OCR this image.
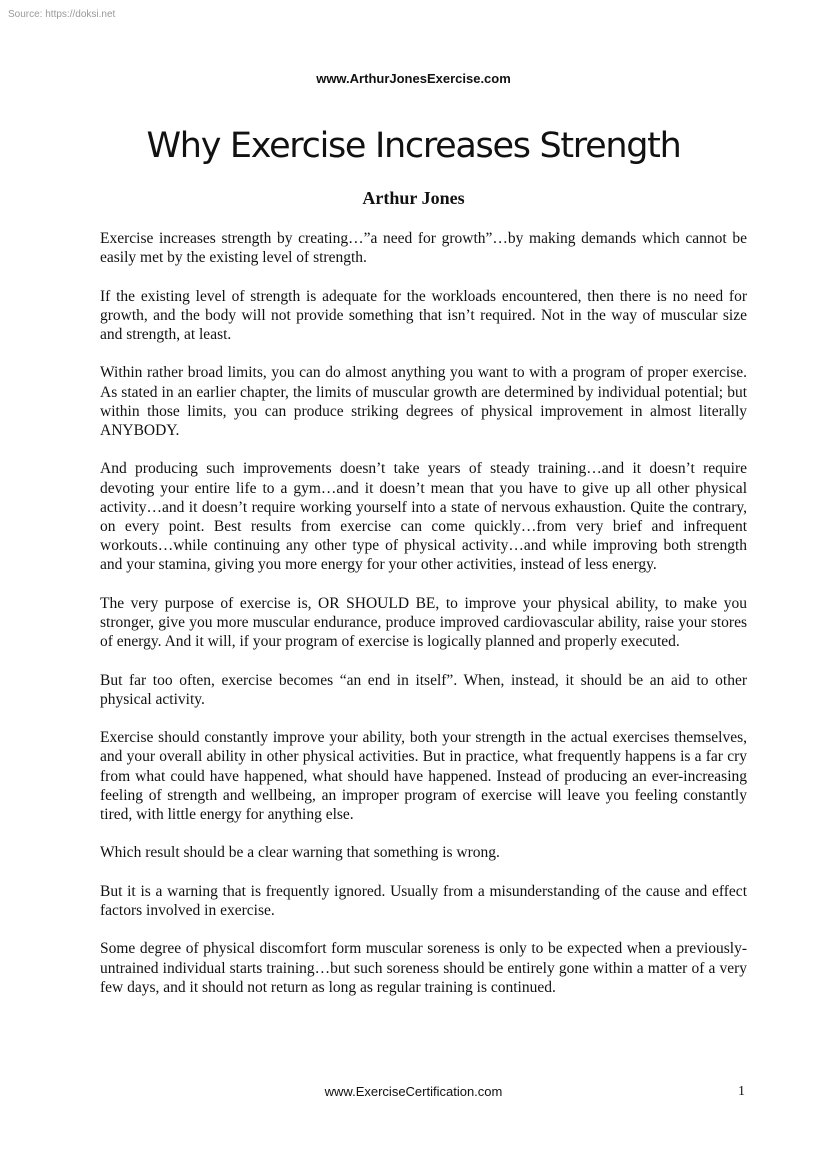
Source: https://doksi.net
www.ArthurJonesExercise.com
Why Exercise Increases Strength
Arthur Jones

Exercise increases strength by creating…”a need for growth”…by making demands which cannot be easily met by the existing level of strength.

If the existing level of strength is adequate for the workloads encountered, then there is no need for growth, and the body will not provide something that isn’t required. Not in the way of muscular size and strength, at least.

Within rather broad limits, you can do almost anything you want to with a program of proper exercise. As stated in an earlier chapter, the limits of muscular growth are determined by individual potential; but within those limits, you can produce striking degrees of physical improvement in almost literally ANYBODY.

And producing such improvements doesn’t take years of steady training…and it doesn’t require devoting your entire life to a gym…and it doesn’t mean that you have to give up all other physical activity…and it doesn’t require working yourself into a state of nervous exhaustion. Quite the contrary, on every point. Best results from exercise can come quickly…from very brief and infrequent workouts…while continuing any other type of physical activity…and while improving both strength and your stamina, giving you more energy for your other activities, instead of less energy.

The very purpose of exercise is, OR SHOULD BE, to improve your physical ability, to make you stronger, give you more muscular endurance, produce improved cardiovascular ability, raise your stores of energy. And it will, if your program of exercise is logically planned and properly executed.

But far too often, exercise becomes “an end in itself”. When, instead, it should be an aid to other physical activity.

Exercise should constantly improve your ability, both your strength in the actual exercises themselves, and your overall ability in other physical activities. But in practice, what frequently happens is a far cry from what could have happened, what should have happened. Instead of producing an ever-increasing feeling of strength and wellbeing, an improper program of exercise will leave you feeling constantly tired, with little energy for anything else.

Which result should be a clear warning that something is wrong.

But it is a warning that is frequently ignored. Usually from a misunderstanding of the cause and effect factors involved in exercise.

Some degree of physical discomfort form muscular soreness is only to be expected when a previously-untrained individual starts training…but such soreness should be entirely gone within a matter of a very few days, and it should not return as long as regular training is continued.

www.ExerciseCertification.com	1
